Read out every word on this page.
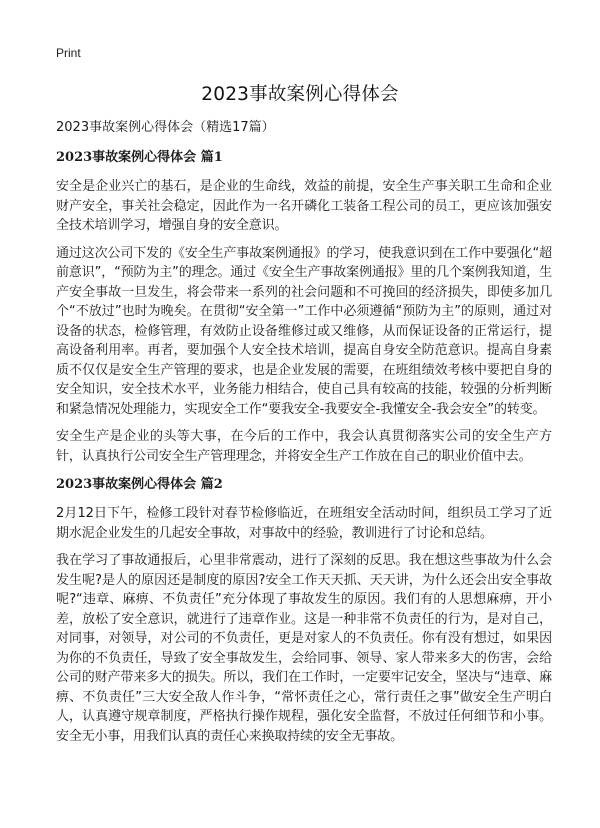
Print
2023事故案例心得体会

2023事故案例心得体会（精选17篇）

2023事故案例心得体会 篇1

安全是企业兴亡的基石，是企业的生命线，效益的前提，安全生产事关职工生命和企业财产安全，事关社会稳定，因此作为一名开磷化工装备工程公司的员工，更应该加强安全技术培训学习，增强自身的安全意识。

通过这次公司下发的《安全生产事故案例通报》的学习，使我意识到在工作中要强化“超前意识”，“预防为主”的理念。通过《安全生产事故案例通报》里的几个案例我知道，生产安全事故一旦发生，将会带来一系列的社会问题和不可挽回的经济损失，即使多加几个“不放过”也时为晚矣。在贯彻“安全第一”工作中必须遵循“预防为主”的原则，通过对设备的状态，检修管理，有效防止设备维修过或又维修，从而保证设备的正常运行，提高设备利用率。再者，要加强个人安全技术培训，提高自身安全防范意识。提高自身素质不仅仅是安全生产管理的要求，也是企业发展的需要，在班组绩效考核中要把自身的安全知识，安全技术水平，业务能力相结合，使自己具有较高的技能，较强的分析判断和紧急情况处理能力，实现安全工作“要我安全-我要安全-我懂安全-我会安全”的转变。

安全生产是企业的头等大事，在今后的工作中，我会认真贯彻落实公司的安全生产方针，认真执行公司安全生产管理理念，并将安全生产工作放在自己的职业价值中去。

2023事故案例心得体会 篇2

2月12日下午，检修工段针对春节检修临近，在班组安全活动时间，组织员工学习了近期水泥企业发生的几起安全事故，对事故中的经验，教训进行了讨论和总结。

我在学习了事故通报后，心里非常震动，进行了深刻的反思。我在想这些事故为什么会发生呢?是人的原因还是制度的原因?安全工作天天抓、天天讲，为什么还会出安全事故呢?“违章、麻痹、不负责任”充分体现了事故发生的原因。我们有的人思想麻痹，开小差，放松了安全意识，就进行了违章作业。这是一种非常不负责任的行为，是对自己，对同事，对领导，对公司的不负责任，更是对家人的不负责任。你有没有想过，如果因为你的不负责任，导致了安全事故发生，会给同事、领导、家人带来多大的伤害，会给公司的财产带来多大的损失。所以，我们在工作时，一定要牢记安全，坚决与“违章、麻痹、不负责任”三大安全敌人作斗争，“常怀责任之心，常行责任之事”做安全生产明白人，认真遵守规章制度，严格执行操作规程，强化安全监督，不放过任何细节和小事。安全无小事，用我们认真的责任心来换取持续的安全无事故。
